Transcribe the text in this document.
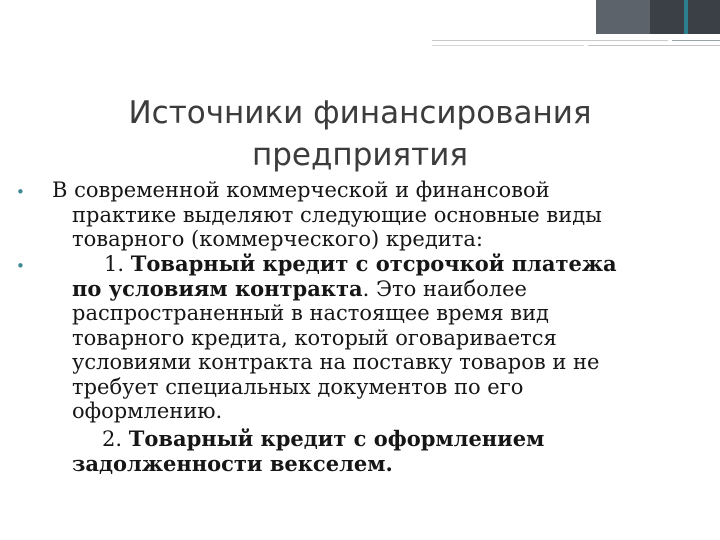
Источники финансирования
предприятия
•
•
В современной коммерческой и финансовой
практике выделяют следующие основные виды
товарного (коммерческого) кредита:
1. Товарный кредит с отсрочкой платежа
по условиям контракта. Это наиболее
распространенный в настоящее время вид
товарного кредита, который оговаривается
условиями контракта на поставку товаров и не
требует специальных документов по его
оформлению.
2. Товарный кредит с оформлением
задолженности векселем.
